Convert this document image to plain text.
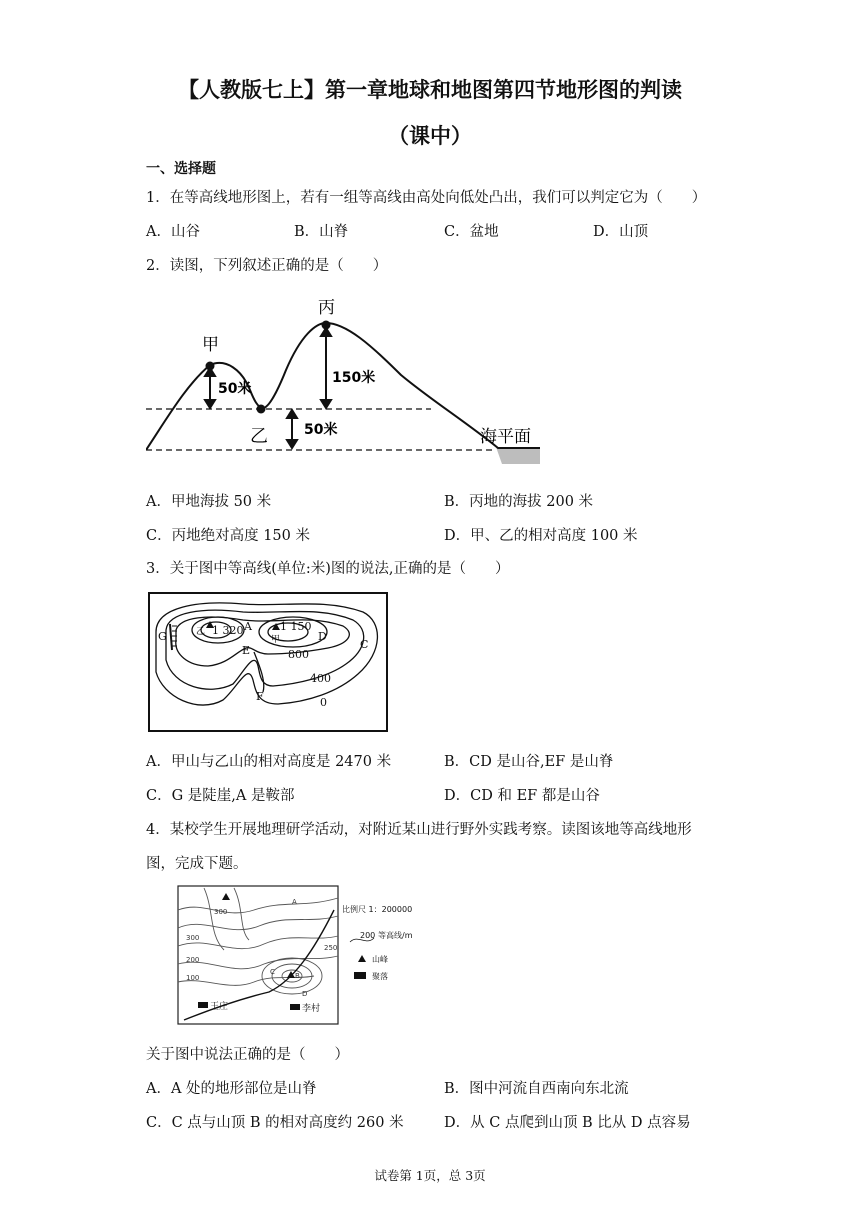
【人教版七上】第一章地球和地图第四节地形图的判读
（课中）
一、选择题
1．在等高线地形图上，若有一组等高线由高处向低处凸出，我们可以判定它为（　　）
A．山谷	B．山脊	C．盆地	D．山顶
2．读图，下列叙述正确的是（　　）
甲
丙
乙
50米
150米
50米	海平面
A．甲地海拔 50 米	B．丙地的海拔 200 米
C．丙地绝对高度 150 米	D．甲、乙的相对高度 100 米
3．关于图中等高线(单位:米)图的说法,正确的是（　　）
乙 1 320	1 150
甲
A
C
D
E
F
G
800
400
0
A．甲山与乙山的相对高度是 2470 米	B．CD 是山谷,EF 是山脊
C．G 是陡崖,A 是鞍部	D．CD 和 EF 都是山谷
4．某校学生开展地理研学活动，对附近某山进行野外实践考察。读图该地等高线地形
图，完成下题。
300
300
200
100
250
A
B
C
D
王庄	李村
比例尺 1：200000
200 等高线/m
山峰
聚落
关于图中说法正确的是（　　）
A．A 处的地形部位是山脊	B．图中河流自西南向东北流
C．C 点与山顶 B 的相对高度约 260 米	D．从 C 点爬到山顶 B 比从 D 点容易
试卷第 1页，总 3页
